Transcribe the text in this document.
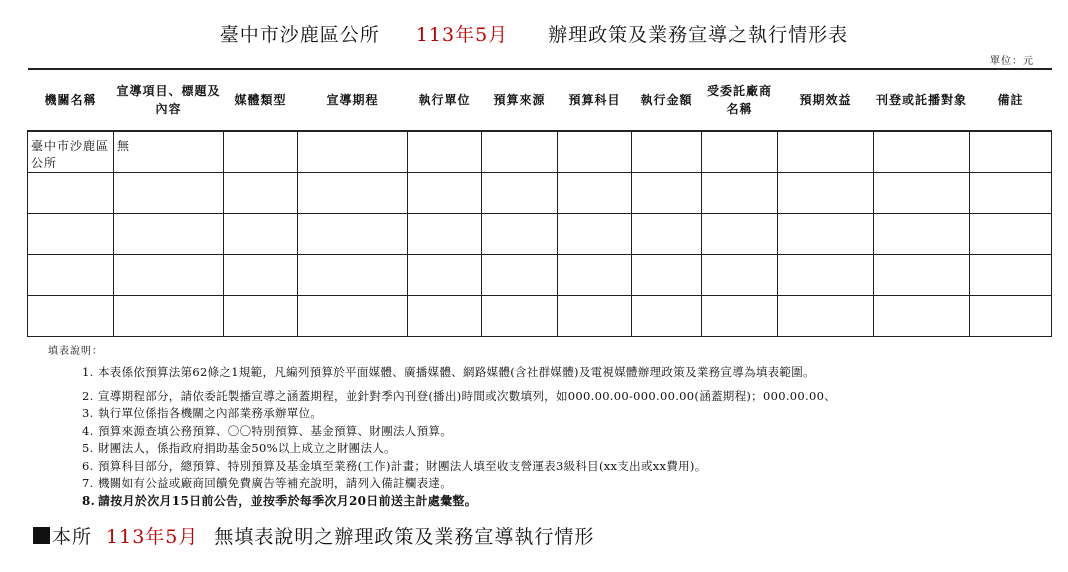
臺中市沙鹿區公所 113年5月 辦理政策及業務宣導之執行情形表
單位：元
機關名稱	宣導項目、標題及內容	媒體類型	宣導期程	執行單位	預算來源	預算科目	執行金額	受委託廠商名稱	預期效益	刊登或託播對象	備註

臺中市沙鹿區公所	無										

填表說明：
1. 本表係依預算法第62條之1規範，凡編列預算於平面媒體、廣播媒體、網路媒體(含社群媒體)及電視媒體辦理政策及業務宣導為填表範圍。
2. 宣導期程部分，請依委託製播宣導之涵蓋期程，並針對季內刊登(播出)時間或次數填列，如000.00.00-000.00.00(涵蓋期程)；000.00.00、
3. 執行單位係指各機關之內部業務承辦單位。
4. 預算來源查填公務預算、〇〇特別預算、基金預算、財團法人預算。
5. 財團法人，係指政府捐助基金50%以上成立之財團法人。
6. 預算科目部分，總預算、特別預算及基金填至業務(工作)計畫；財團法人填至收支營運表3級科目(xx支出或xx費用)。
7. 機關如有公益或廠商回饋免費廣告等補充說明，請列入備註欄表達。
8. 請按月於次月15日前公告，並按季於每季次月20日前送主計處彙整。
本所 113年5月 無填表說明之辦理政策及業務宣導執行情形
